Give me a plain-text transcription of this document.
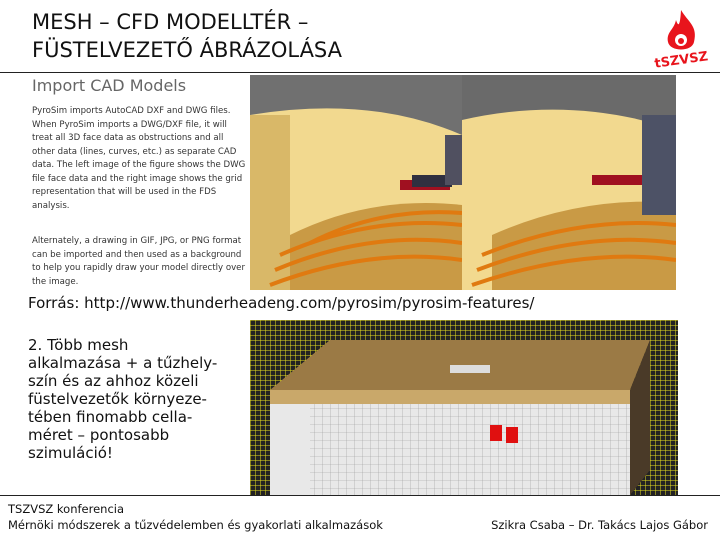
MESH – CFD MODELLTÉR –
FÜSTELVEZETŐ ÁBRÁZOLÁSA	tSZVSZ
Import CAD Models

PyroSim imports AutoCAD DXF and DWG files. When PyroSim imports a DWG/DXF file, it will treat all 3D face data as obstructions and all other data (lines, curves, etc.) as separate CAD data. The left image of the figure shows the DWG file face data and the right image shows the grid representation that will be used in the FDS analysis.

Alternately, a drawing in GIF, JPG, or PNG format can be imported and then used as a background to help you rapidly draw your model directly over the image.

Forrás: http://www.thunderheadeng.com/pyrosim/pyrosim-features/
2. Több mesh
alkalmazása + a tűzhely-
szín és az ahhoz közeli
füstelvezetők környeze-
tében finomabb cella-
méret – pontosabb
szimuláció!
TSZVSZ konferencia
Mérnöki módszerek a tűzvédelemben és gyakorlati alkalmazások	Szikra Csaba – Dr. Takács Lajos Gábor
